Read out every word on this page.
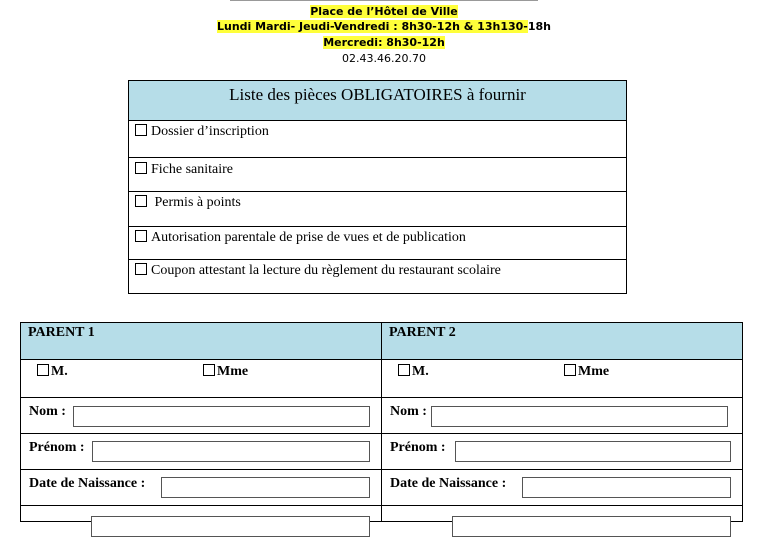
Place de l’Hôtel de Ville
Lundi Mardi- Jeudi-Vendredi : 8h30-12h & 13h130-18h
Mercredi: 8h30-12h
02.43.46.20.70
Liste des pièces OBLIGATOIRES à fournir
Dossier d’inscription
Fiche sanitaire
Permis à points
Autorisation parentale de prise de vues et de publication
Coupon attestant la lecture du règlement du restaurant scolaire
PARENT 1
M.	Mme
Nom :
Prénom :
Date de Naissance :
PARENT 2
M.	Mme
Nom :
Prénom :
Date de Naissance :
